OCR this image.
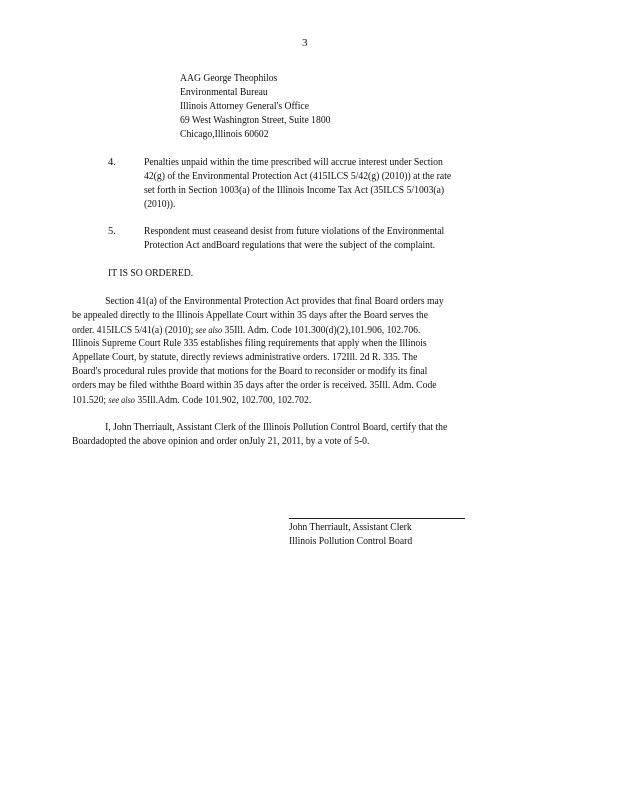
3
AAG George Theophilos
Environmental Bureau
Illinois Attorney General's Office
69 West Washington Street, Suite 1800
Chicago,Illinois 60602
4.	Penalties unpaid within the time prescribed will accrue interest under Section
42(g) of the Environmental Protection Act (415ILCS 5/42(g) (2010)) at the rate
set forth in Section 1003(a) of the Illinois Income Tax Act (35ILCS 5/1003(a)
(2010)).
5.	Respondent must ceaseand desist from future violations of the Environmental
Protection Act andBoard regulations that were the subject of the complaint.
IT IS SO ORDERED.
Section 41(a) of the Environmental Protection Act provides that final Board orders may
be appealed directly to the Illinois Appellate Court within 35 days after the Board serves the
order. 415ILCS 5/41(a) (2010); see also 35Ill. Adm. Code 101.300(d)(2),101.906, 102.706.
Illinois Supreme Court Rule 335 establishes filing requirements that apply when the Illinois
Appellate Court, by statute, directly reviews administrative orders. 172Ill. 2d R. 335. The
Board's procedural rules provide that motions for the Board to reconsider or modify its final
orders may be filed withthe Board within 35 days after the order is received. 35Ill. Adm. Code
101.520; see also 35Ill.Adm. Code 101.902, 102.700, 102.702.
I, John Therriault, Assistant Clerk of the Illinois Pollution Control Board, certify that the
Boardadopted the above opinion and order onJuly 21, 2011, by a vote of 5-0.
John Therriault, Assistant Clerk
Illinois Pollution Control Board
